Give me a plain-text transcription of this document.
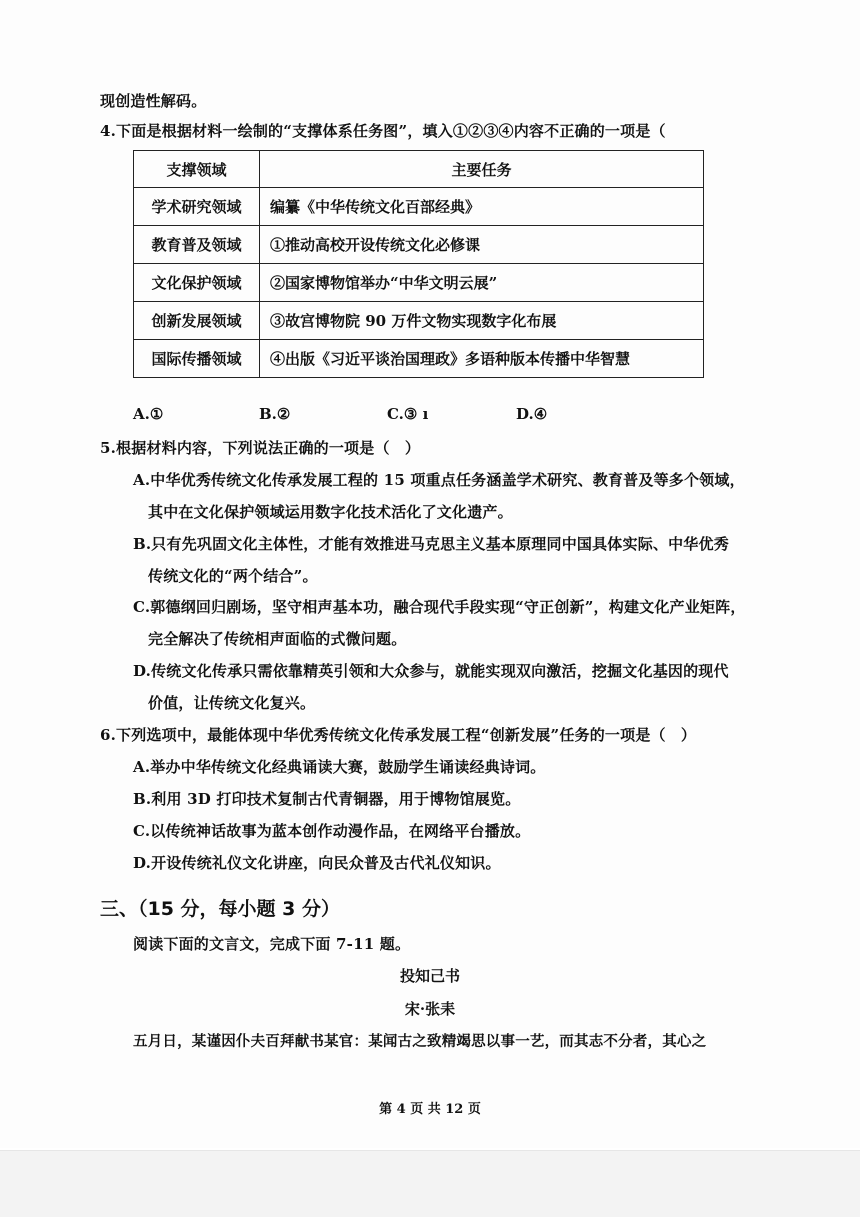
现创造性解码。
4.下面是根据材料一绘制的“支撑体系任务图”，填入①②③④内容不正确的一项是（
支撑领域	主要任务
学术研究领域	编纂《中华传统文化百部经典》
教育普及领域	①推动高校开设传统文化必修课
文化保护领域	②国家博物馆举办“中华文明云展”
创新发展领域	③故宫博物院 90 万件文物实现数字化布展
国际传播领域	④出版《习近平谈治国理政》多语种版本传播中华智慧
A.①	B.②	C.③ ı	D.④
5.根据材料内容，下列说法正确的一项是（　）
A.中华优秀传统文化传承发展工程的 15 项重点任务涵盖学术研究、教育普及等多个领域，
其中在文化保护领域运用数字化技术活化了文化遗产。
B.只有先巩固文化主体性，才能有效推进马克思主义基本原理同中国具体实际、中华优秀
传统文化的“两个结合”。
C.郭德纲回归剧场，坚守相声基本功，融合现代手段实现“守正创新”，构建文化产业矩阵，
完全解决了传统相声面临的式微问题。
D.传统文化传承只需依靠精英引领和大众参与，就能实现双向激活，挖掘文化基因的现代
价值，让传统文化复兴。
6.下列选项中，最能体现中华优秀传统文化传承发展工程“创新发展”任务的一项是（　）
A.举办中华传统文化经典诵读大赛，鼓励学生诵读经典诗词。
B.利用 3D 打印技术复制古代青铜器，用于博物馆展览。
C.以传统神话故事为蓝本创作动漫作品，在网络平台播放。
D.开设传统礼仪文化讲座，向民众普及古代礼仪知识。
三、（15 分，每小题 3 分）
阅读下面的文言文，完成下面 7-11 题。
投知己书
宋·张耒
五月日，某谨因仆夫百拜献书某官：某闻古之致精竭思以事一艺，而其志不分者，其心之
第 4 页 共 12 页
